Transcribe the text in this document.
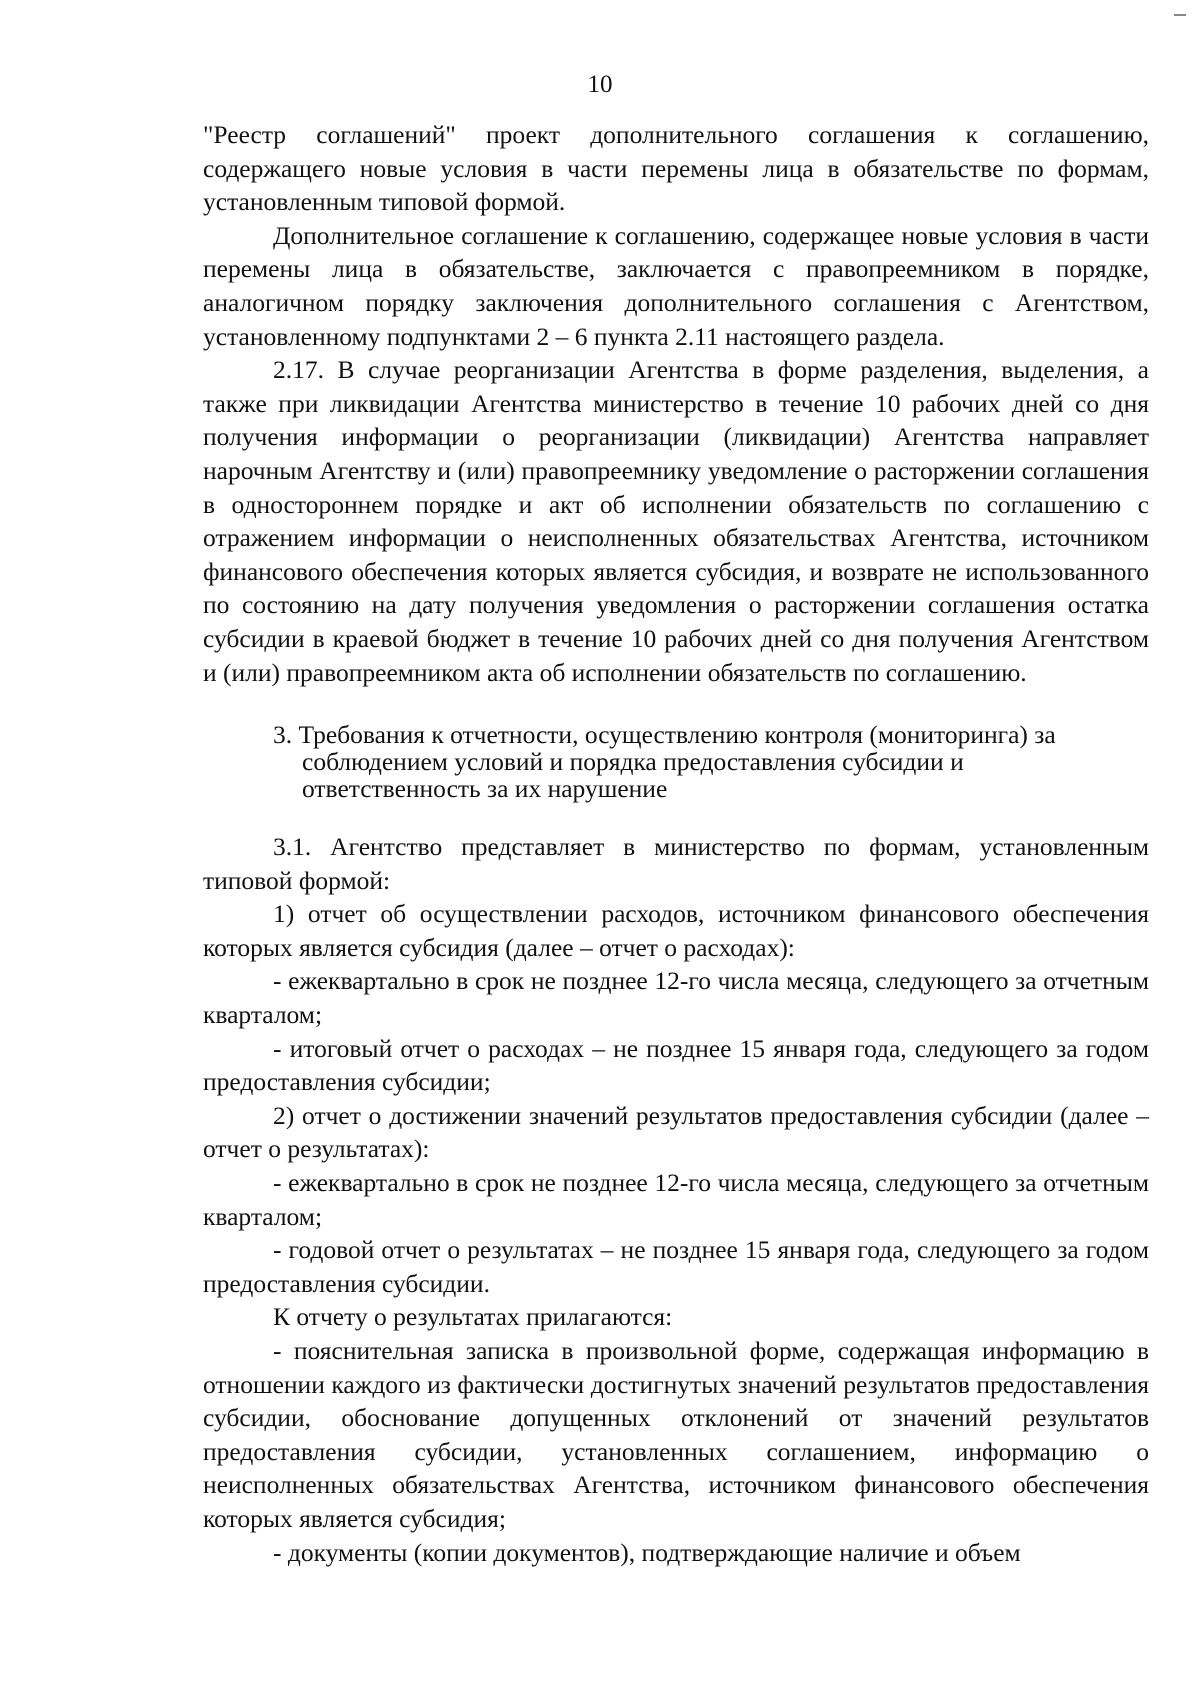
10

"Реестр соглашений" проект дополнительного соглашения к соглашению, содержащего новые условия в части перемены лица в обязательстве по формам, установленным типовой формой.

Дополнительное соглашение к соглашению, содержащее новые условия в части перемены лица в обязательстве, заключается с правопреемником в порядке, аналогичном порядку заключения дополнительного соглашения с Агентством, установленному подпунктами 2 – 6 пункта 2.11 настоящего раздела.

2.17. В случае реорганизации Агентства в форме разделения, выделения, а также при ликвидации Агентства министерство в течение 10 рабочих дней со дня получения информации о реорганизации (ликвидации) Агентства направляет нарочным Агентству и (или) правопреемнику уведомление о расторжении соглашения в одностороннем порядке и акт об исполнении обязательств по соглашению с отражением информации о неисполненных обязательствах Агентства, источником финансового обеспечения которых является субсидия, и возврате не использованного по состоянию на дату получения уведомления о расторжении соглашения остатка субсидии в краевой бюджет в течение 10 рабочих дней со дня получения Агентством и (или) правопреемником акта об исполнении обязательств по соглашению.

3. Требования к отчетности, осуществлению контроля (мониторинга) за
соблюдением условий и порядка предоставления субсидии и
ответственность за их нарушение

3.1. Агентство представляет в министерство по формам, установленным типовой формой:

1) отчет об осуществлении расходов, источником финансового обеспечения которых является субсидия (далее – отчет о расходах):

- ежеквартально в срок не позднее 12-го числа месяца, следующего за отчетным кварталом;

- итоговый отчет о расходах – не позднее 15 января года, следующего за годом предоставления субсидии;

2) отчет о достижении значений результатов предоставления субсидии (далее – отчет о результатах):

- ежеквартально в срок не позднее 12-го числа месяца, следующего за отчетным кварталом;

- годовой отчет о результатах – не позднее 15 января года, следующего за годом предоставления субсидии.

К отчету о результатах прилагаются:

- пояснительная записка в произвольной форме, содержащая информацию в отношении каждого из фактически достигнутых значений результатов предоставления субсидии, обоснование допущенных отклонений от значений результатов предоставления субсидии, установленных соглашением, информацию о неисполненных обязательствах Агентства, источником финансового обеспечения которых является субсидия;

- документы (копии документов), подтверждающие наличие и объем
